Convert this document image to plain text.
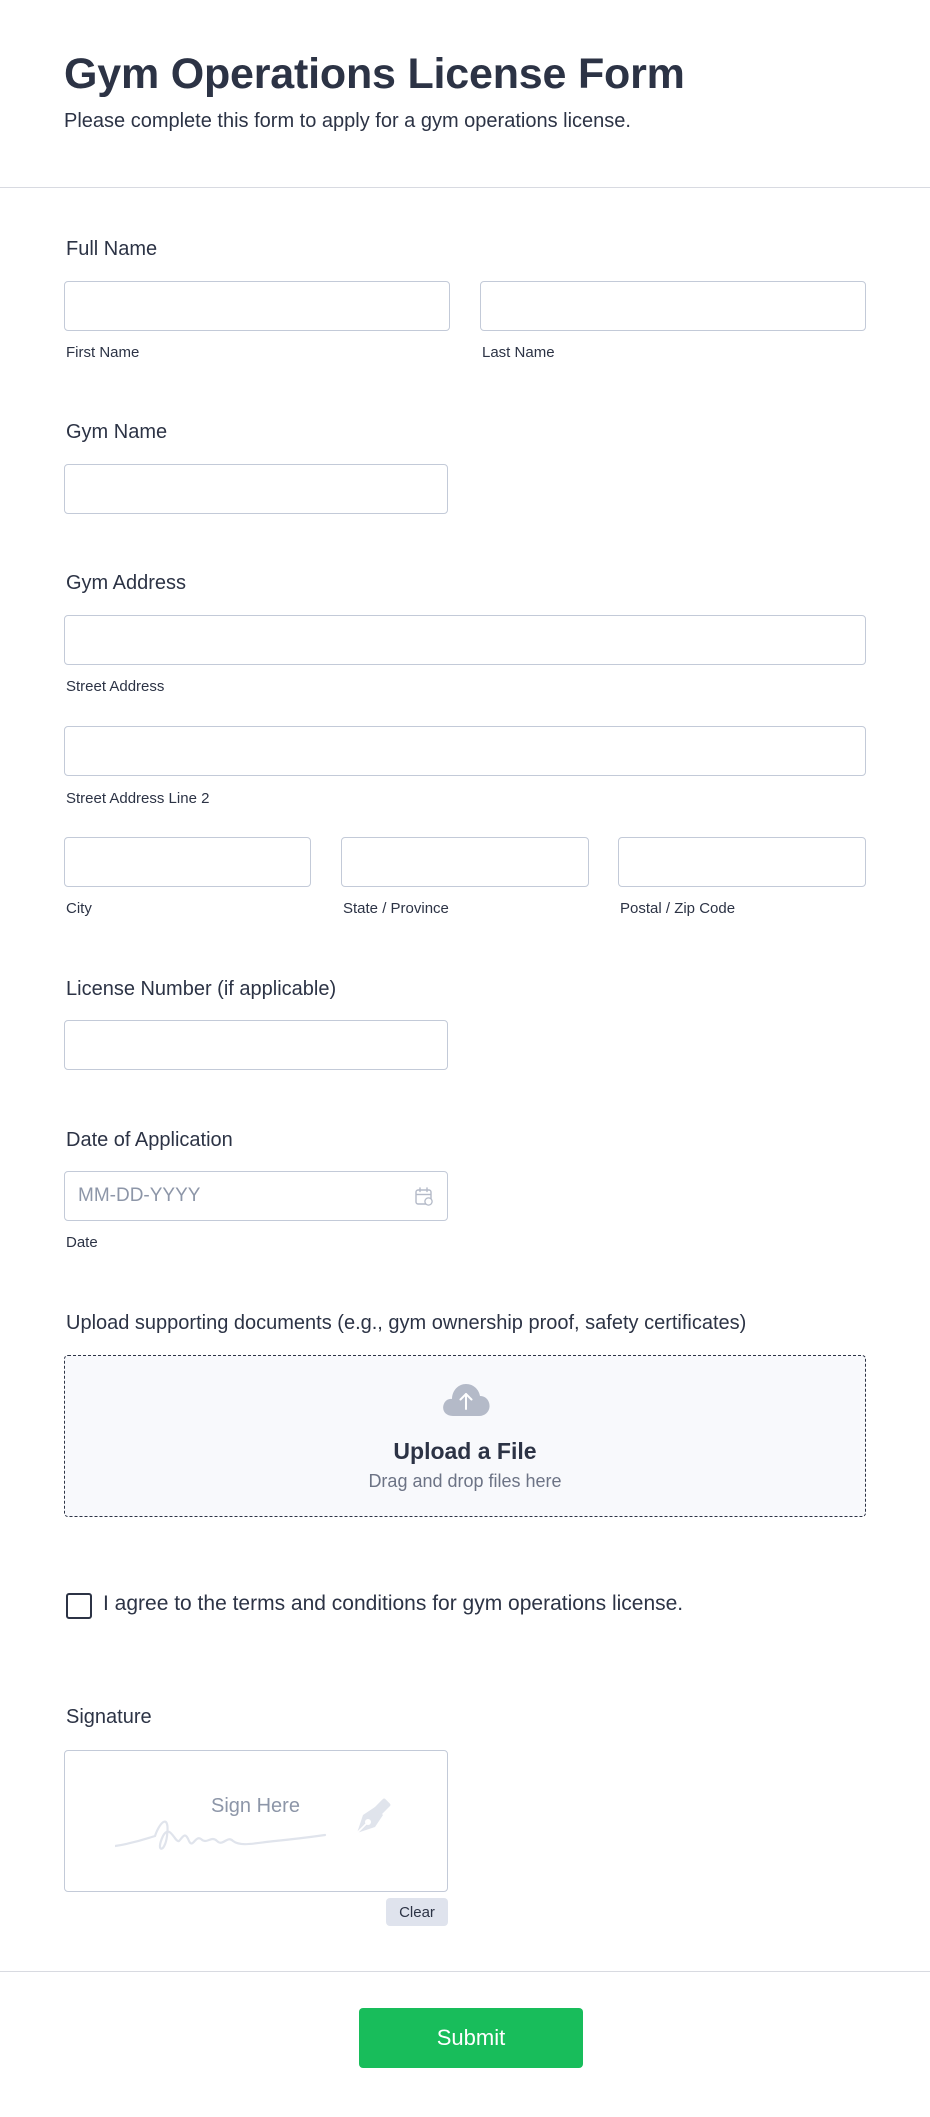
Gym Operations License Form

Please complete this form to apply for a gym operations license.

Full Name
First Name	Last Name
Gym Name
Gym Address
Street Address
Street Address Line 2
City	State / Province	Postal / Zip Code
License Number (if applicable)
Date of Application
MM-DD-YYYY
Date
Upload supporting documents (e.g., gym ownership proof, safety certificates)
Upload a File
Drag and drop files here
I agree to the terms and conditions for gym operations license.
Signature
Sign Here
Clear
Submit
